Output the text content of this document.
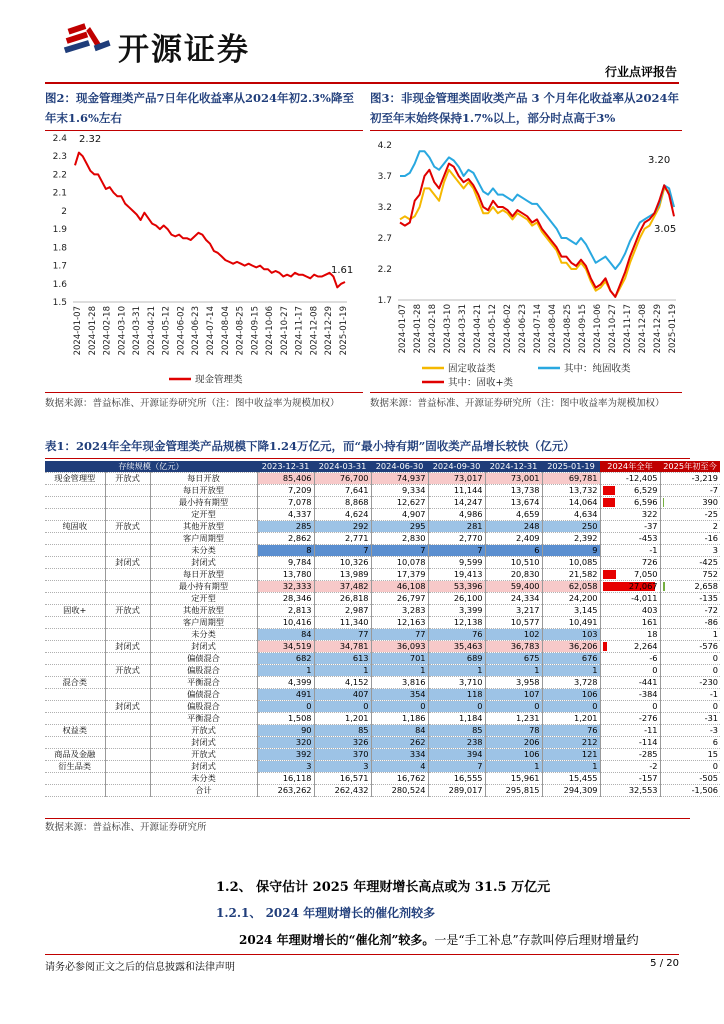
开源证券
行业点评报告
图2：现金管理类产品7日年化收益率从2024年初2.3%降至年末1.6%左右
2.4
2.3
2.2
2.1
2
1.9
1.8
1.7
1.6
1.5
2024-01-07 2024-01-28 2024-02-18 2024-03-10 2024-03-31 2024-04-21 2024-05-12 2024-06-02 2024-06-23 2024-07-14 2024-08-04 2024-08-25 2024-09-15 2024-10-06 2024-10-27 2024-11-17 2024-12-08 2024-12-29 2025-01-19
2.32
1.61
现金管理类
数据来源：普益标准、开源证券研究所（注：图中收益率为规模加权）
图3：非现金管理类固收类产品 3 个月年化收益率从2024年初至年末始终保持1.7%以上，部分时点高于3%
4.2
3.7
3.2
2.7
2.2
1.7
2024-01-07 2024-01-28 2024-02-18 2024-03-10 2024-03-31 2024-04-21 2024-05-12 2024-06-02 2024-06-23 2024-07-14 2024-08-04 2024-08-25 2024-09-15 2024-10-06 2024-10-27 2024-11-17 2024-12-08 2024-12-29 2025-01-19
3.20
3.05
固定收益类	其中：纯固收类
其中：固收+类
数据来源：普益标准、开源证券研究所（注：图中收益率为规模加权）
表1：2024年全年现金管理类产品规模下降1.24万亿元，而“最小持有期”固收类产品增长较快（亿元）
存续规模（亿元）			2023-12-31	2024-03-31	2024-06-30	2024-09-30	2024-12-31	2025-01-19	2024年全年	2025年初至今
现金管理型	开放式	每日开放	85,406	76,700	74,937	73,017	73,001	69,781	-12,405	-3,219
		每日开放型	7,209	7,641	9,334	11,144	13,738	13,732	6,529	-7
		最小持有期型	7,078	8,868	12,627	14,247	13,674	14,064	6,596	390
		定开型	4,337	4,624	4,907	4,986	4,659	4,634	322	-25
纯固收	开放式	其他开放型	285	292	295	281	248	250	-37	2
		客户周期型	2,862	2,771	2,830	2,770	2,409	2,392	-453	-16
		未分类	8	7	7	7	6	9	-1	3
	封闭式	封闭式	9,784	10,326	10,078	9,599	10,510	10,085	726	-425
		每日开放型	13,780	13,989	17,379	19,413	20,830	21,582	7,050	752
		最小持有期型	32,333	37,482	46,108	53,396	59,400	62,058	27,067	2,658
		定开型	28,346	26,818	26,797	26,100	24,334	24,200	-4,011	-135
固收+	开放式	其他开放型	2,813	2,987	3,283	3,399	3,217	3,145	403	-72
		客户周期型	10,416	11,340	12,163	12,138	10,577	10,491	161	-86
		未分类	84	77	77	76	102	103	18	1
	封闭式	封闭式	34,519	34,781	36,093	35,463	36,783	36,206	2,264	-576
		偏债混合	682	613	701	689	675	676	-6	0
	开放式	偏股混合	1	1	1	1	1	1	0	0
混合类		平衡混合	4,399	4,152	3,816	3,710	3,958	3,728	-441	-230
		偏债混合	491	407	354	118	107	106	-384	-1
	封闭式	偏股混合	0	0	0	0	0	0	0	0
		平衡混合	1,508	1,201	1,186	1,184	1,231	1,201	-276	-31
权益类		开放式	90	85	84	85	78	76	-11	-3
		封闭式	320	326	262	238	206	212	-114	6
商品及金融		开放式	392	370	334	394	106	121	-285	15
衍生品类		封闭式	3	3	4	7	1	1	-2	0
		未分类	16,118	16,571	16,762	16,555	15,961	15,455	-157	-505
		合计	263,262	262,432	280,524	289,017	295,815	294,309	32,553	-1,506
数据来源：普益标准、开源证券研究所
1.2、 保守估计 2025 年理财增长高点或为 31.5 万亿元
1.2.1、 2024 年理财增长的催化剂较多
2024 年理财增长的“催化剂”较多。一是“手工补息”存款叫停后理财增量约
请务必参阅正文之后的信息披露和法律声明	5 / 20
